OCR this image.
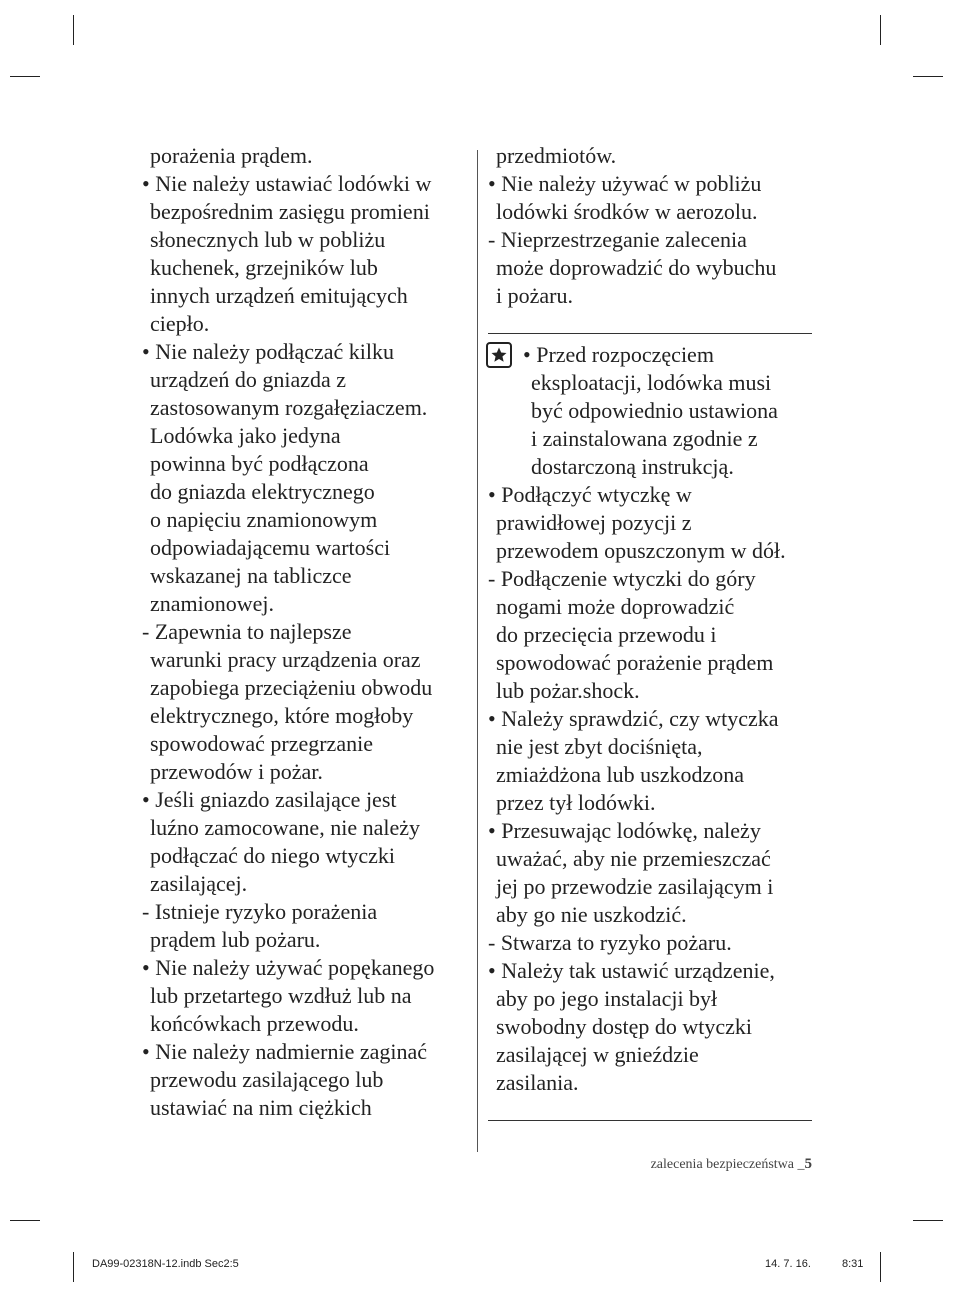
porażenia prądem.
• Nie należy ustawiać lodówki w
bezpośrednim zasięgu promieni
słonecznych lub w pobliżu
kuchenek, grzejników lub
innych urządzeń emitujących
ciepło.
• Nie należy podłączać kilku
urządzeń do gniazda z
zastosowanym rozgałęziaczem.
Lodówka jako jedyna
powinna być podłączona
do gniazda elektrycznego
o napięciu znamionowym
odpowiadającemu wartości
wskazanej na tabliczce
znamionowej.
- Zapewnia to najlepsze
warunki pracy urządzenia oraz
zapobiega przeciążeniu obwodu
elektrycznego, które mogłoby
spowodować przegrzanie
przewodów i pożar.
• Jeśli gniazdo zasilające jest
luźno zamocowane, nie należy
podłączać do niego wtyczki
zasilającej.
- Istnieje ryzyko porażenia
prądem lub pożaru.
• Nie należy używać popękanego
lub przetartego wzdłuż lub na
końcówkach przewodu.
• Nie należy nadmiernie zaginać
przewodu zasilającego lub
ustawiać na nim ciężkich
przedmiotów.
• Nie należy używać w pobliżu
lodówki środków w aerozolu.
- Nieprzestrzeganie zalecenia
może doprowadzić do wybuchu
i pożaru.
• Przed rozpoczęciem
eksploatacji, lodówka musi
być odpowiednio ustawiona
i zainstalowana zgodnie z
dostarczoną instrukcją.
• Podłączyć wtyczkę w
prawidłowej pozycji z
przewodem opuszczonym w dół.
- Podłączenie wtyczki do góry
nogami może doprowadzić
do przecięcia przewodu i
spowodować porażenie prądem
lub pożar.shock.
• Należy sprawdzić, czy wtyczka
nie jest zbyt dociśnięta,
zmiażdżona lub uszkodzona
przez tył lodówki.
• Przesuwając lodówkę, należy
uważać, aby nie przemieszczać
jej po przewodzie zasilającym i
aby go nie uszkodzić.
- Stwarza to ryzyko pożaru.
• Należy tak ustawić urządzenie,
aby po jego instalacji był
swobodny dostęp do wtyczki
zasilającej w gnieździe
zasilania.
zalecenia bezpieczeństwa _5
DA99-02318N-12.indb Sec2:5	14. 7. 16.	8:31
